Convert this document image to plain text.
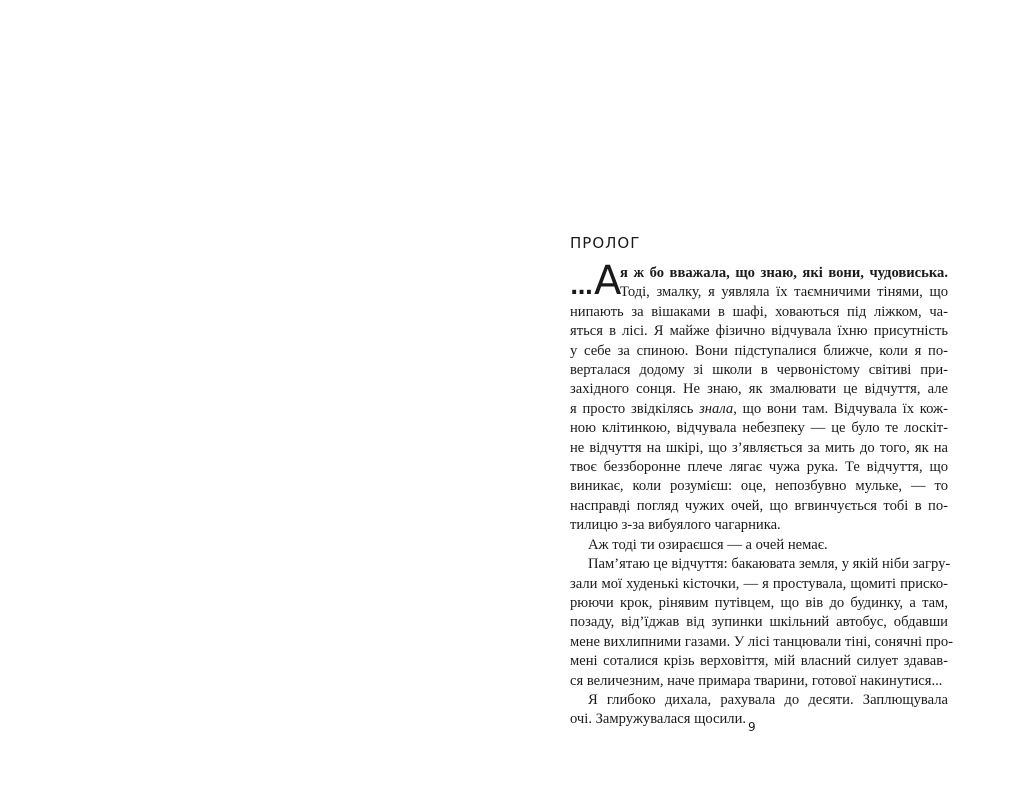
ПРОЛОГ
... А
я ж бо вважала, що знаю, які вони, чудовиська.
Тоді, змалку, я уявляла їх таємничими тінями, що
нипають за вішаками в шафі, ховаються під ліжком, ча-
яться в лісі. Я майже фізично відчувала їхню присутність
у себе за спиною. Вони підступалися ближче, коли я по-
верталася додому зі школи в червоністому світиві при-
західного сонця. Не знаю, як змалювати це відчуття, але
я просто звідкілясь знала, що вони там. Відчувала їх кож-
ною клітинкою, відчувала небезпеку — це було те лоскіт-
не відчуття на шкірі, що з’являється за мить до того, як на
твоє беззборонне плече лягає чужа рука. Те відчуття, що
виникає, коли розумієш: оце, непозбувно мульке, — то
насправді погляд чужих очей, що вгвинчується тобі в по-
тилицю з-за вибуялого чагарника.
Аж тоді ти озираєшся — а очей немає.
Пам’ятаю це відчуття: бакаювата земля, у якій ніби загру-
зали мої худенькі кісточки, — я простувала, щомиті приско-
рюючи крок, рінявим путівцем, що вів до будинку, а там,
позаду, від’їджав від зупинки шкільний автобус, обдавши
мене вихлипними газами. У лісі танцювали тіні, сонячні про-
мені соталися крізь верховіття, мій власний силует здавав-
ся величезним, наче примара тварини, готової накинутися...
Я глибоко дихала, рахувала до десяти. Заплющувала
очі. Замружувалася щосили. 9
